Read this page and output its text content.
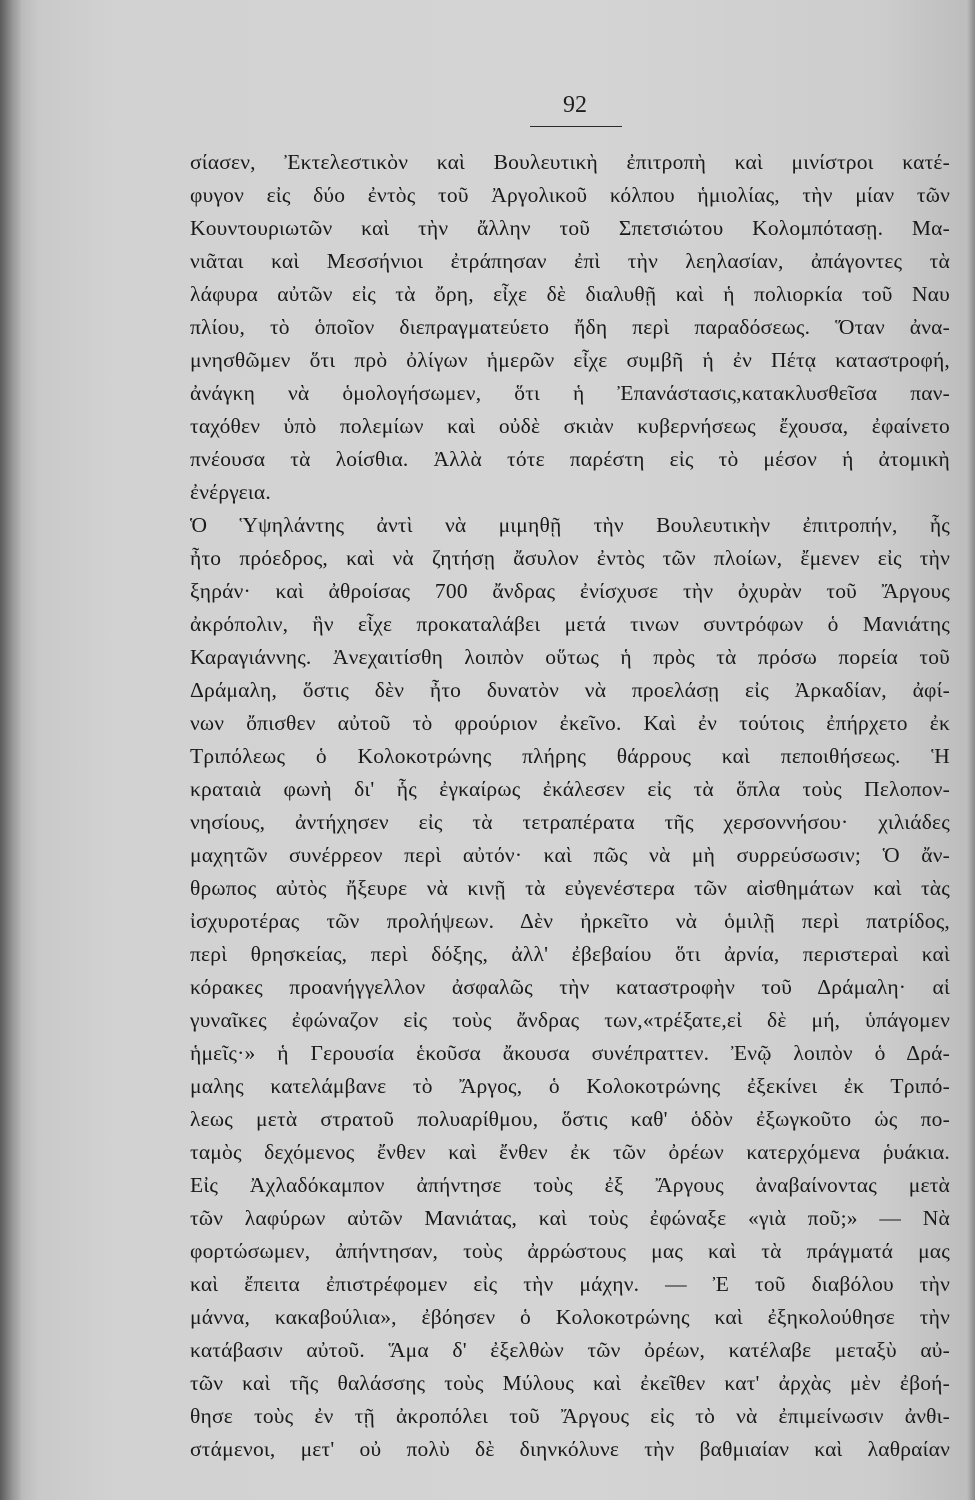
92
σίασεν, Ἐκτελεστικὸν καὶ Βουλευτικὴ ἐπιτροπὴ καὶ μινίστροι κατέ-
φυγον εἰς δύο ἐντὸς τοῦ Ἀργολικοῦ κόλπου ἡμιολίας, τὴν μίαν τῶν
Κουντουριωτῶν καὶ τὴν ἄλλην τοῦ Σπετσιώτου Κολομπότασῃ. Μα-
νιᾶται καὶ Μεσσήνιοι ἐτράπησαν ἐπὶ τὴν λεηλασίαν, ἀπάγοντες τὰ
λάφυρα αὐτῶν εἰς τὰ ὄρη, εἶχε δὲ διαλυθῇ καὶ ἡ πολιορκία τοῦ Ναυ
πλίου, τὸ ὁποῖον διεπραγματεύετο ἤδη περὶ παραδόσεως. Ὅταν ἀνα-
μνησθῶμεν ὅτι πρὸ ὀλίγων ἡμερῶν εἶχε συμβῆ ἡ ἐν Πέτᾳ καταστροφή,
ἀνάγκη νὰ ὁμολογήσωμεν, ὅτι ἡ Ἐπανάστασις,κατακλυσθεῖσα παν-
ταχόθεν ὑπὸ πολεμίων καὶ οὐδὲ σκιὰν κυβερνήσεως ἔχουσα, ἐφαίνετο
πνέουσα τὰ λοίσθια. Ἀλλὰ τότε παρέστη εἰς τὸ μέσον ἡ ἀτομικὴ
ἐνέργεια.
Ὁ Ὑψηλάντης ἀντὶ νὰ μιμηθῇ τὴν Βουλευτικὴν ἐπιτροπήν, ἧς
ἦτο πρόεδρος, καὶ νὰ ζητήσῃ ἄσυλον ἐντὸς τῶν πλοίων, ἔμενεν εἰς τὴν
ξηράν· καὶ ἀθροίσας 700 ἄνδρας ἐνίσχυσε τὴν ὀχυρὰν τοῦ Ἄργους
ἀκρόπολιν, ἣν εἶχε προκαταλάβει μετά τινων συντρόφων ὁ Μανιάτης
Καραγιάννης. Ἀνεχαιτίσθη λοιπὸν οὕτως ἡ πρὸς τὰ πρόσω πορεία τοῦ
Δράμαλη, ὅστις δὲν ἦτο δυνατὸν νὰ προελάσῃ εἰς Ἀρκαδίαν, ἀφί-
νων ὄπισθεν αὐτοῦ τὸ φρούριον ἐκεῖνο. Καὶ ἐν τούτοις ἐπήρχετο ἐκ
Τριπόλεως ὁ Κολοκοτρώνης πλήρης θάρρους καὶ πεποιθήσεως. Ἡ
κραταιὰ φωνὴ δι' ἧς ἐγκαίρως ἐκάλεσεν εἰς τὰ ὅπλα τοὺς Πελοπον-
νησίους, ἀντήχησεν εἰς τὰ τετραπέρατα τῆς χερσοννήσου· χιλιάδες
μαχητῶν συνέρρεον περὶ αὐτόν· καὶ πῶς νὰ μὴ συρρεύσωσιν; Ὁ ἄν-
θρωπος αὐτὸς ἤξευρε νὰ κινῇ τὰ εὐγενέστερα τῶν αἰσθημάτων καὶ τὰς
ἰσχυροτέρας τῶν προλήψεων. Δὲν ἠρκεῖτο νὰ ὁμιλῇ περὶ πατρίδος,
περὶ θρησκείας, περὶ δόξης, ἀλλ' ἐβεβαίου ὅτι ἀρνία, περιστεραὶ καὶ
κόρακες προανήγγελλον ἀσφαλῶς τὴν καταστροφὴν τοῦ Δράμαλη· αἱ
γυναῖκες ἐφώναζον εἰς τοὺς ἄνδρας των,«τρέξατε,εἰ δὲ μή, ὑπάγομεν
ἡμεῖς·» ἡ Γερουσία ἑκοῦσα ἄκουσα συνέπραττεν. Ἐνῷ λοιπὸν ὁ Δρά-
μαλης κατελάμβανε τὸ Ἄργος, ὁ Κολοκοτρώνης ἐξεκίνει ἐκ Τριπό-
λεως μετὰ στρατοῦ πολυαρίθμου, ὅστις καθ' ὁδὸν ἐξωγκοῦτο ὡς πο-
ταμὸς δεχόμενος ἔνθεν καὶ ἔνθεν ἐκ τῶν ὀρέων κατερχόμενα ῥυάκια.
Εἰς Ἀχλαδόκαμπον ἀπήντησε τοὺς ἐξ Ἄργους ἀναβαίνοντας μετὰ
τῶν λαφύρων αὐτῶν Μανιάτας, καὶ τοὺς ἐφώναξε «γιὰ ποῦ;» — Νὰ
φορτώσωμεν, ἀπήντησαν, τοὺς ἀρρώστους μας καὶ τὰ πράγματά μας
καὶ ἔπειτα ἐπιστρέφομεν εἰς τὴν μάχην. — Ἐ τοῦ διαβόλου τὴν
μάννα, κακαβούλια», ἐβόησεν ὁ Κολοκοτρώνης καὶ ἐξηκολούθησε τὴν
κατάβασιν αὐτοῦ. Ἅμα δ' ἐξελθὼν τῶν ὀρέων, κατέλαβε μεταξὺ αὐ-
τῶν καὶ τῆς θαλάσσης τοὺς Μύλους καὶ ἐκεῖθεν κατ' ἀρχὰς μὲν ἐβοή-
θησε τοὺς ἐν τῇ ἀκροπόλει τοῦ Ἄργους εἰς τὸ νὰ ἐπιμείνωσιν ἀνθι-
στάμενοι, μετ' οὐ πολὺ δὲ διηνκόλυνε τὴν βαθμιαίαν καὶ λαθραίαν
